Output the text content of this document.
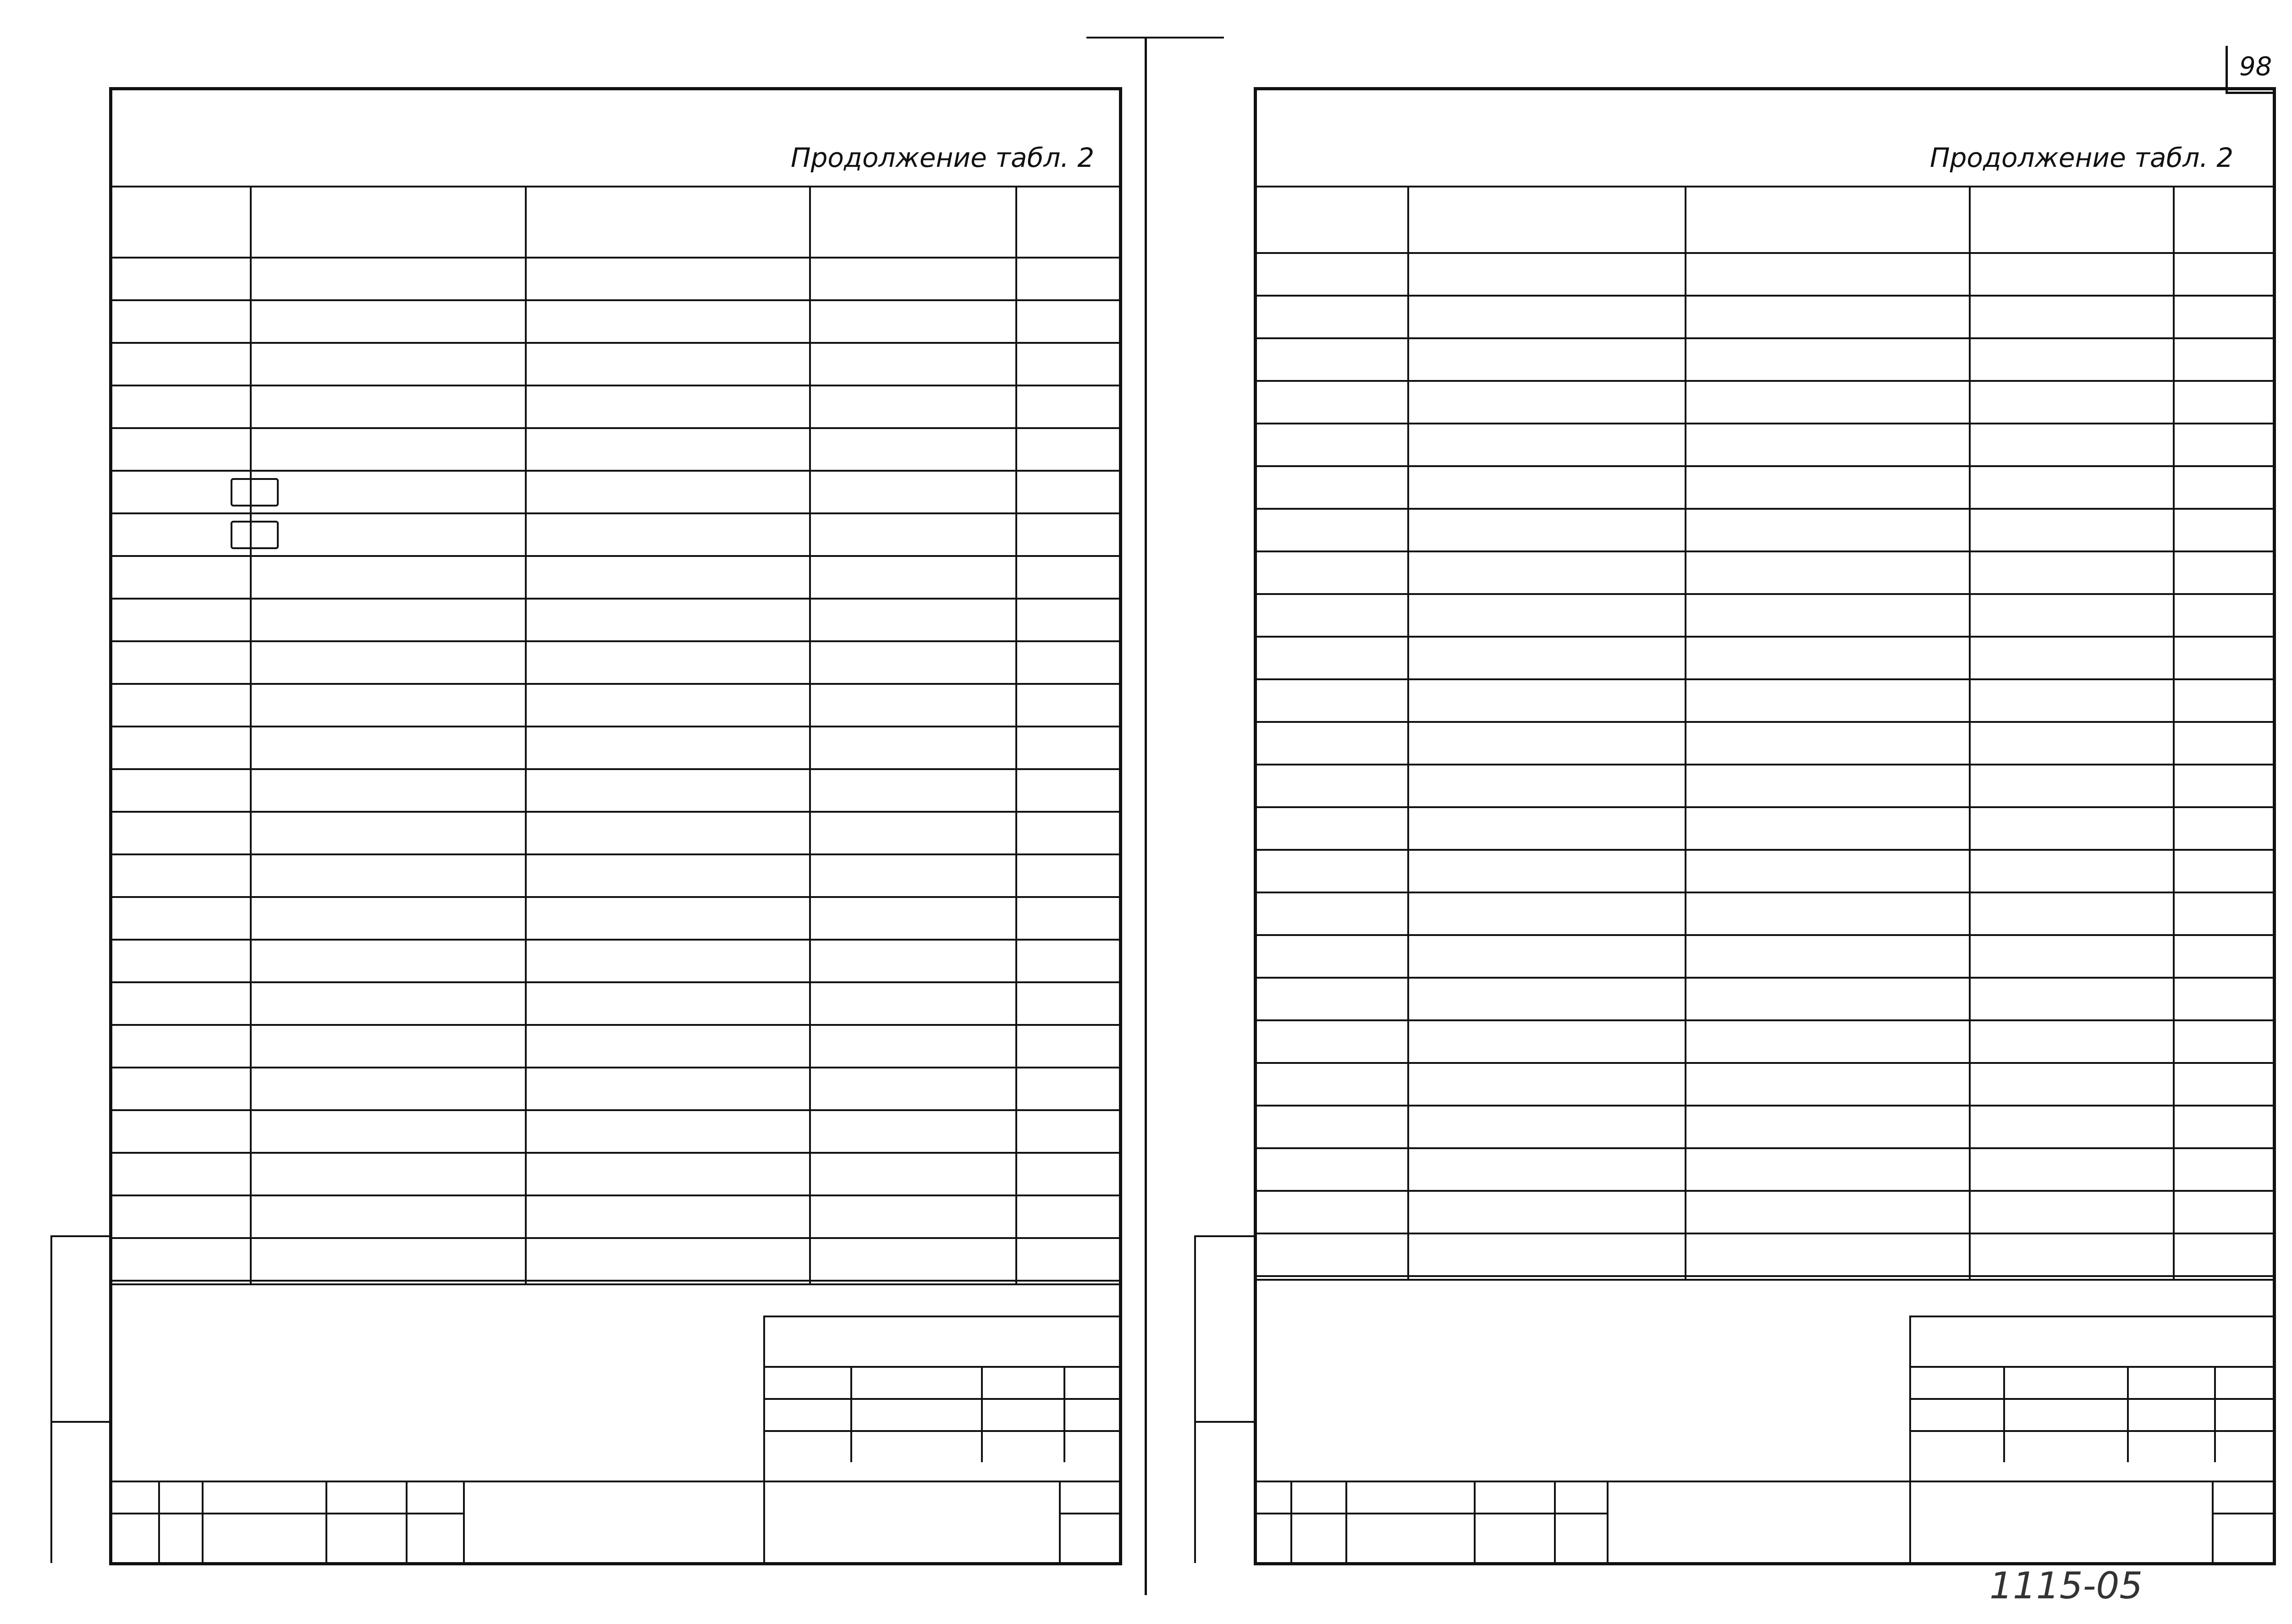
98
Продолжение табл. 2	Продолжение табл. 2
1115-05
